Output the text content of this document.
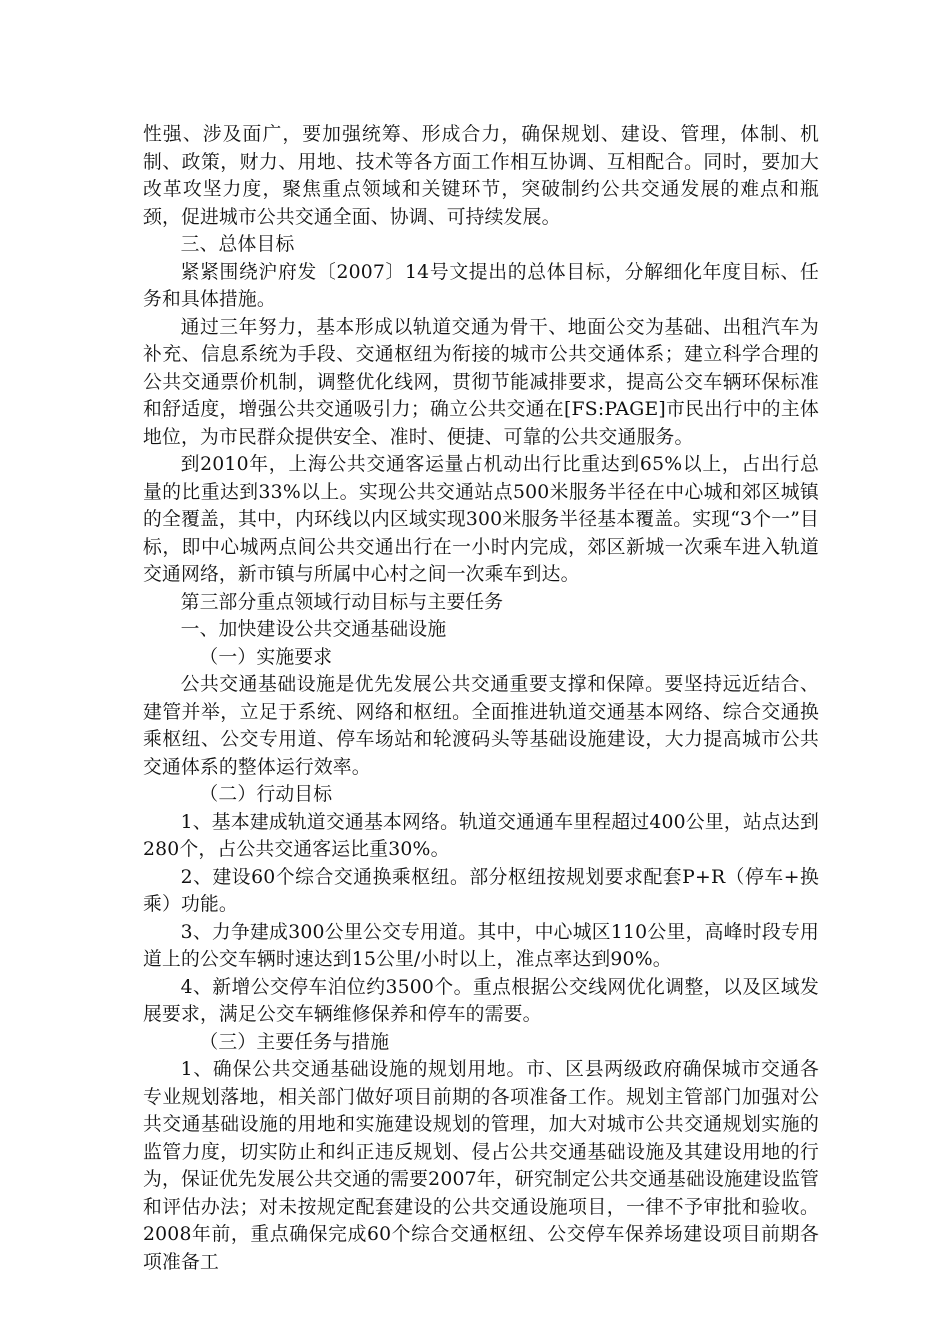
性强、涉及面广，要加强统筹、形成合力，确保规划、建设、管理，体制、机制、政策，财力、用地、技术等各方面工作相互协调、互相配合。同时，要加大改革攻坚力度，聚焦重点领域和关键环节，突破制约公共交通发展的难点和瓶颈，促进城市公共交通全面、协调、可持续发展。

三、总体目标

紧紧围绕沪府发〔2007〕14号文提出的总体目标，分解细化年度目标、任务和具体措施。

通过三年努力，基本形成以轨道交通为骨干、地面公交为基础、出租汽车为补充、信息系统为手段、交通枢纽为衔接的城市公共交通体系；建立科学合理的公共交通票价机制，调整优化线网，贯彻节能减排要求，提高公交车辆环保标准和舒适度，增强公共交通吸引力；确立公共交通在[FS:PAGE]市民出行中的主体地位，为市民群众提供安全、准时、便捷、可靠的公共交通服务。

到2010年，上海公共交通客运量占机动出行比重达到65%以上，占出行总量的比重达到33%以上。实现公共交通站点500米服务半径在中心城和郊区城镇的全覆盖，其中，内环线以内区域实现300米服务半径基本覆盖。实现“3个一”目标，即中心城两点间公共交通出行在一小时内完成，郊区新城一次乘车进入轨道交通网络，新市镇与所属中心村之间一次乘车到达。

第三部分重点领域行动目标与主要任务

一、加快建设公共交通基础设施

（一）实施要求

公共交通基础设施是优先发展公共交通重要支撑和保障。要坚持远近结合、建管并举，立足于系统、网络和枢纽。全面推进轨道交通基本网络、综合交通换乘枢纽、公交专用道、停车场站和轮渡码头等基础设施建设，大力提高城市公共交通体系的整体运行效率。

（二）行动目标

1、基本建成轨道交通基本网络。轨道交通通车里程超过400公里，站点达到280个，占公共交通客运比重30%。

2、建设60个综合交通换乘枢纽。部分枢纽按规划要求配套P+R（停车+换乘）功能。

3、力争建成300公里公交专用道。其中，中心城区110公里，高峰时段专用道上的公交车辆时速达到15公里/小时以上，准点率达到90%。

4、新增公交停车泊位约3500个。重点根据公交线网优化调整，以及区域发展要求，满足公交车辆维修保养和停车的需要。

（三）主要任务与措施

1、确保公共交通基础设施的规划用地。市、区县两级政府确保城市交通各专业规划落地，相关部门做好项目前期的各项准备工作。规划主管部门加强对公共交通基础设施的用地和实施建设规划的管理，加大对城市公共交通规划实施的监管力度，切实防止和纠正违反规划、侵占公共交通基础设施及其建设用地的行为，保证优先发展公共交通的需要2007年，研究制定公共交通基础设施建设监管和评估办法；对未按规定配套建设的公共交通设施项目，一律不予审批和验收。2008年前，重点确保完成60个综合交通枢纽、公交停车保养场建设项目前期各项准备工
